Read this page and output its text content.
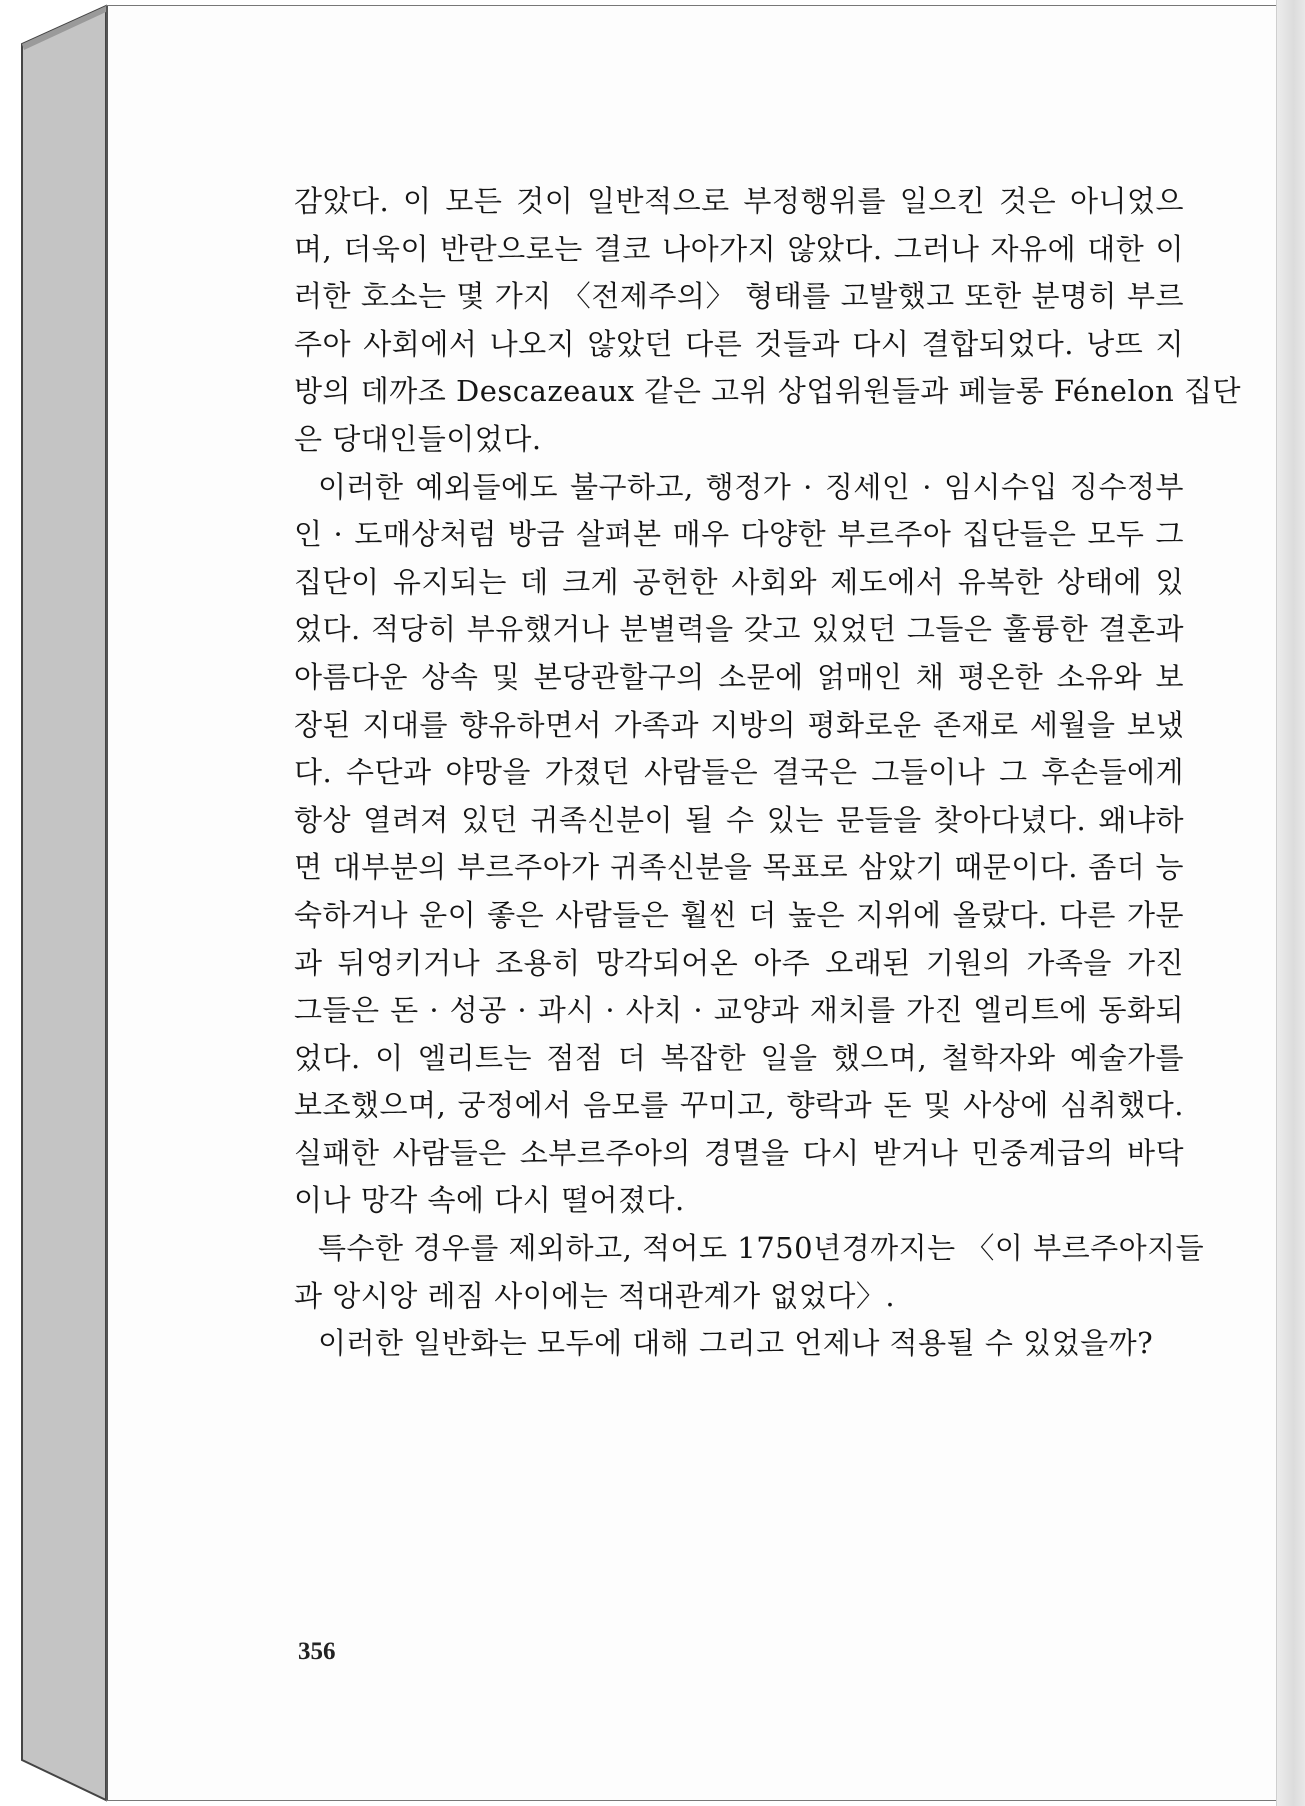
감았다. 이 모든 것이 일반적으로 부정행위를 일으킨 것은 아니었으
며, 더욱이 반란으로는 결코 나아가지 않았다. 그러나 자유에 대한 이
러한 호소는 몇 가지 〈전제주의〉 형태를 고발했고 또한 분명히 부르
주아 사회에서 나오지 않았던 다른 것들과 다시 결합되었다. 낭뜨 지
방의 데까조 Descazeaux 같은 고위 상업위원들과 페늘롱 Fénelon 집단
은 당대인들이었다.
이러한 예외들에도 불구하고, 행정가 · 징세인 · 임시수입 징수정부
인 · 도매상처럼 방금 살펴본 매우 다양한 부르주아 집단들은 모두 그
집단이 유지되는 데 크게 공헌한 사회와 제도에서 유복한 상태에 있
었다. 적당히 부유했거나 분별력을 갖고 있었던 그들은 훌륭한 결혼과
아름다운 상속 및 본당관할구의 소문에 얽매인 채 평온한 소유와 보
장된 지대를 향유하면서 가족과 지방의 평화로운 존재로 세월을 보냈
다. 수단과 야망을 가졌던 사람들은 결국은 그들이나 그 후손들에게
항상 열려져 있던 귀족신분이 될 수 있는 문들을 찾아다녔다. 왜냐하
면 대부분의 부르주아가 귀족신분을 목표로 삼았기 때문이다. 좀더 능
숙하거나 운이 좋은 사람들은 훨씬 더 높은 지위에 올랐다. 다른 가문
과 뒤엉키거나 조용히 망각되어온 아주 오래된 기원의 가족을 가진
그들은 돈 · 성공 · 과시 · 사치 · 교양과 재치를 가진 엘리트에 동화되
었다. 이 엘리트는 점점 더 복잡한 일을 했으며, 철학자와 예술가를
보조했으며, 궁정에서 음모를 꾸미고, 향락과 돈 및 사상에 심취했다.
실패한 사람들은 소부르주아의 경멸을 다시 받거나 민중계급의 바닥
이나 망각 속에 다시 떨어졌다.
특수한 경우를 제외하고, 적어도 1750년경까지는 〈이 부르주아지들
과 앙시앙 레짐 사이에는 적대관계가 없었다〉.
이러한 일반화는 모두에 대해 그리고 언제나 적용될 수 있었을까?
356
